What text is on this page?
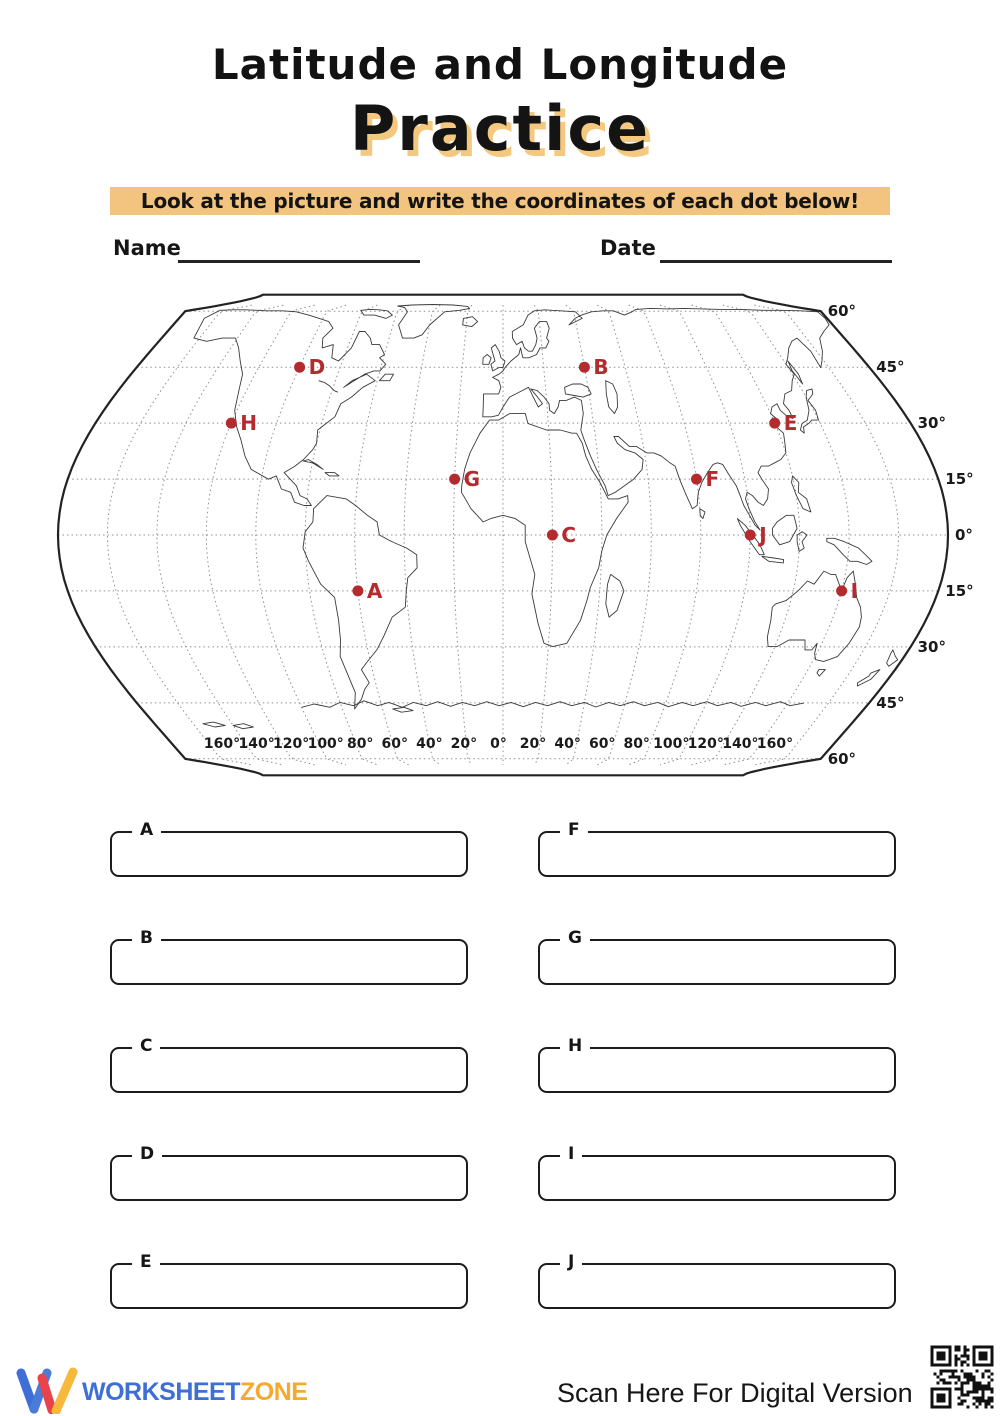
Latitude and Longitude
Practice
Look at the picture and write the coordinates of each dot below!
Name	Date
60°
45°
30°
15°
0°
15°
30°
45°
60°
160°
140°
120°
100° 80° 60° 40° 20° 0° 20° 40° 60° 80° 100°
120°
140°
160°
A
B
C
D
E
F
G
H
I
J
A
B
C
D
E
F
G
H
I
J
WORKSHEETZONE	Scan Here For Digital Version
